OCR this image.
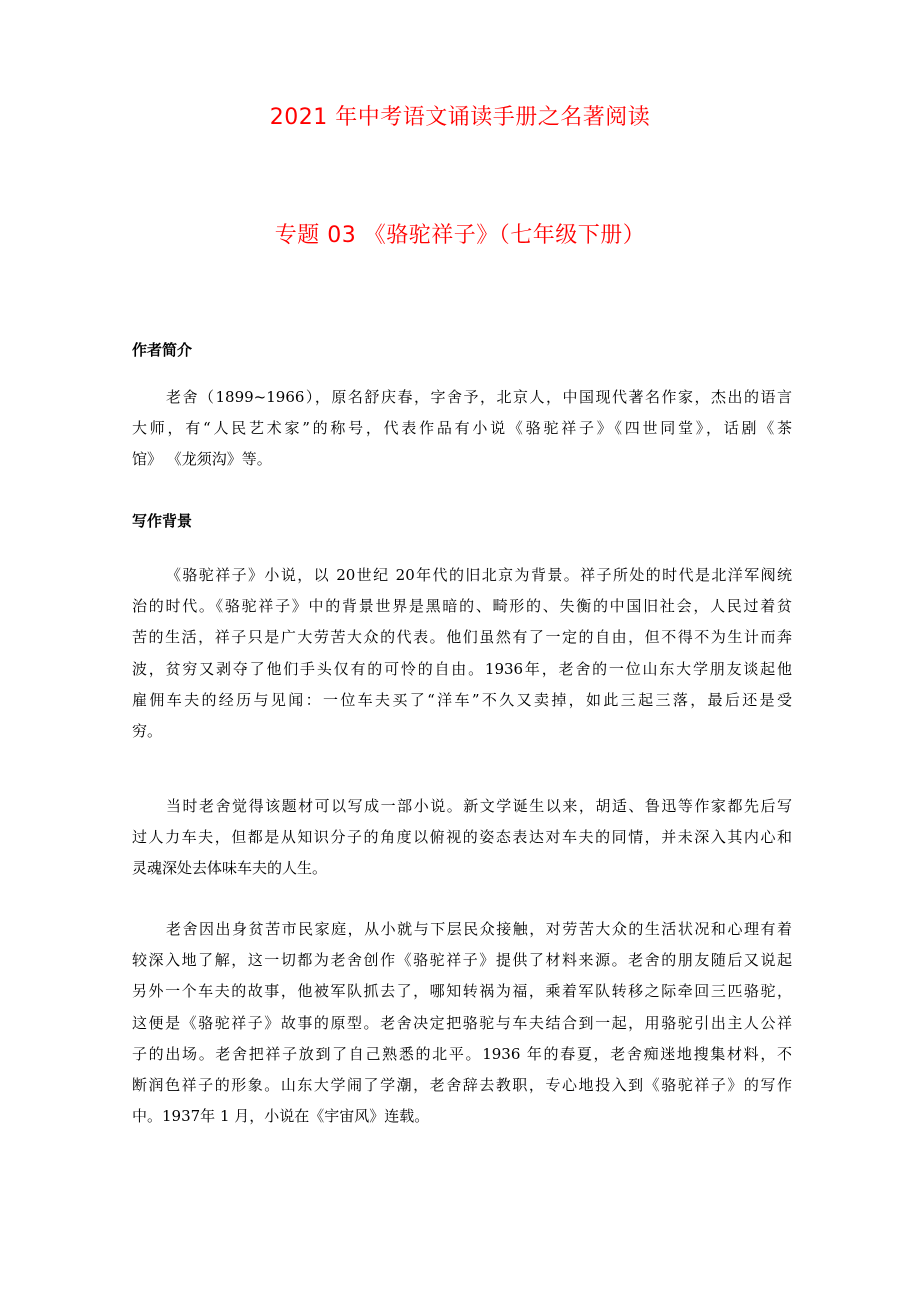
2021 年中考语文诵读手册之名著阅读
专题 03 《骆驼祥子》（七年级下册）
作者简介

老舍（1899~1966），原名舒庆春，字舍予，北京人，中国现代著名作家，杰出的语言
大师，有“人民艺术家”的称号，代表作品有小说《骆驼祥子》《四世同堂》，话剧《茶
馆》 《龙须沟》等。

写作背景

《骆驼祥子》小说，以 20世纪 20年代的旧北京为背景。祥子所处的时代是北洋军阀统
治的时代。《骆驼祥子》中的背景世界是黑暗的、畸形的、失衡的中国旧社会，人民过着贫
苦的生活，祥子只是广大劳苦大众的代表。他们虽然有了一定的自由，但不得不为生计而奔
波，贫穷又剥夺了他们手头仅有的可怜的自由。1936年，老舍的一位山东大学朋友谈起他
雇佣车夫的经历与见闻：一位车夫买了“洋车”不久又卖掉，如此三起三落，最后还是受
穷。

当时老舍觉得该题材可以写成一部小说。新文学诞生以来，胡适、鲁迅等作家都先后写
过人力车夫，但都是从知识分子的角度以俯视的姿态表达对车夫的同情，并未深入其内心和
灵魂深处去体味车夫的人生。

老舍因出身贫苦市民家庭，从小就与下层民众接触，对劳苦大众的生活状况和心理有着
较深入地了解，这一切都为老舍创作《骆驼祥子》提供了材料来源。老舍的朋友随后又说起
另外一个车夫的故事，他被军队抓去了，哪知转祸为福，乘着军队转移之际牵回三匹骆驼，
这便是《骆驼祥子》故事的原型。老舍决定把骆驼与车夫结合到一起，用骆驼引出主人公祥
子的出场。老舍把祥子放到了自己熟悉的北平。1936 年的春夏，老舍痴迷地搜集材料，不
断润色祥子的形象。山东大学闹了学潮，老舍辞去教职，专心地投入到《骆驼祥子》的写作
中。1937年 1 月，小说在《宇宙风》连载。
